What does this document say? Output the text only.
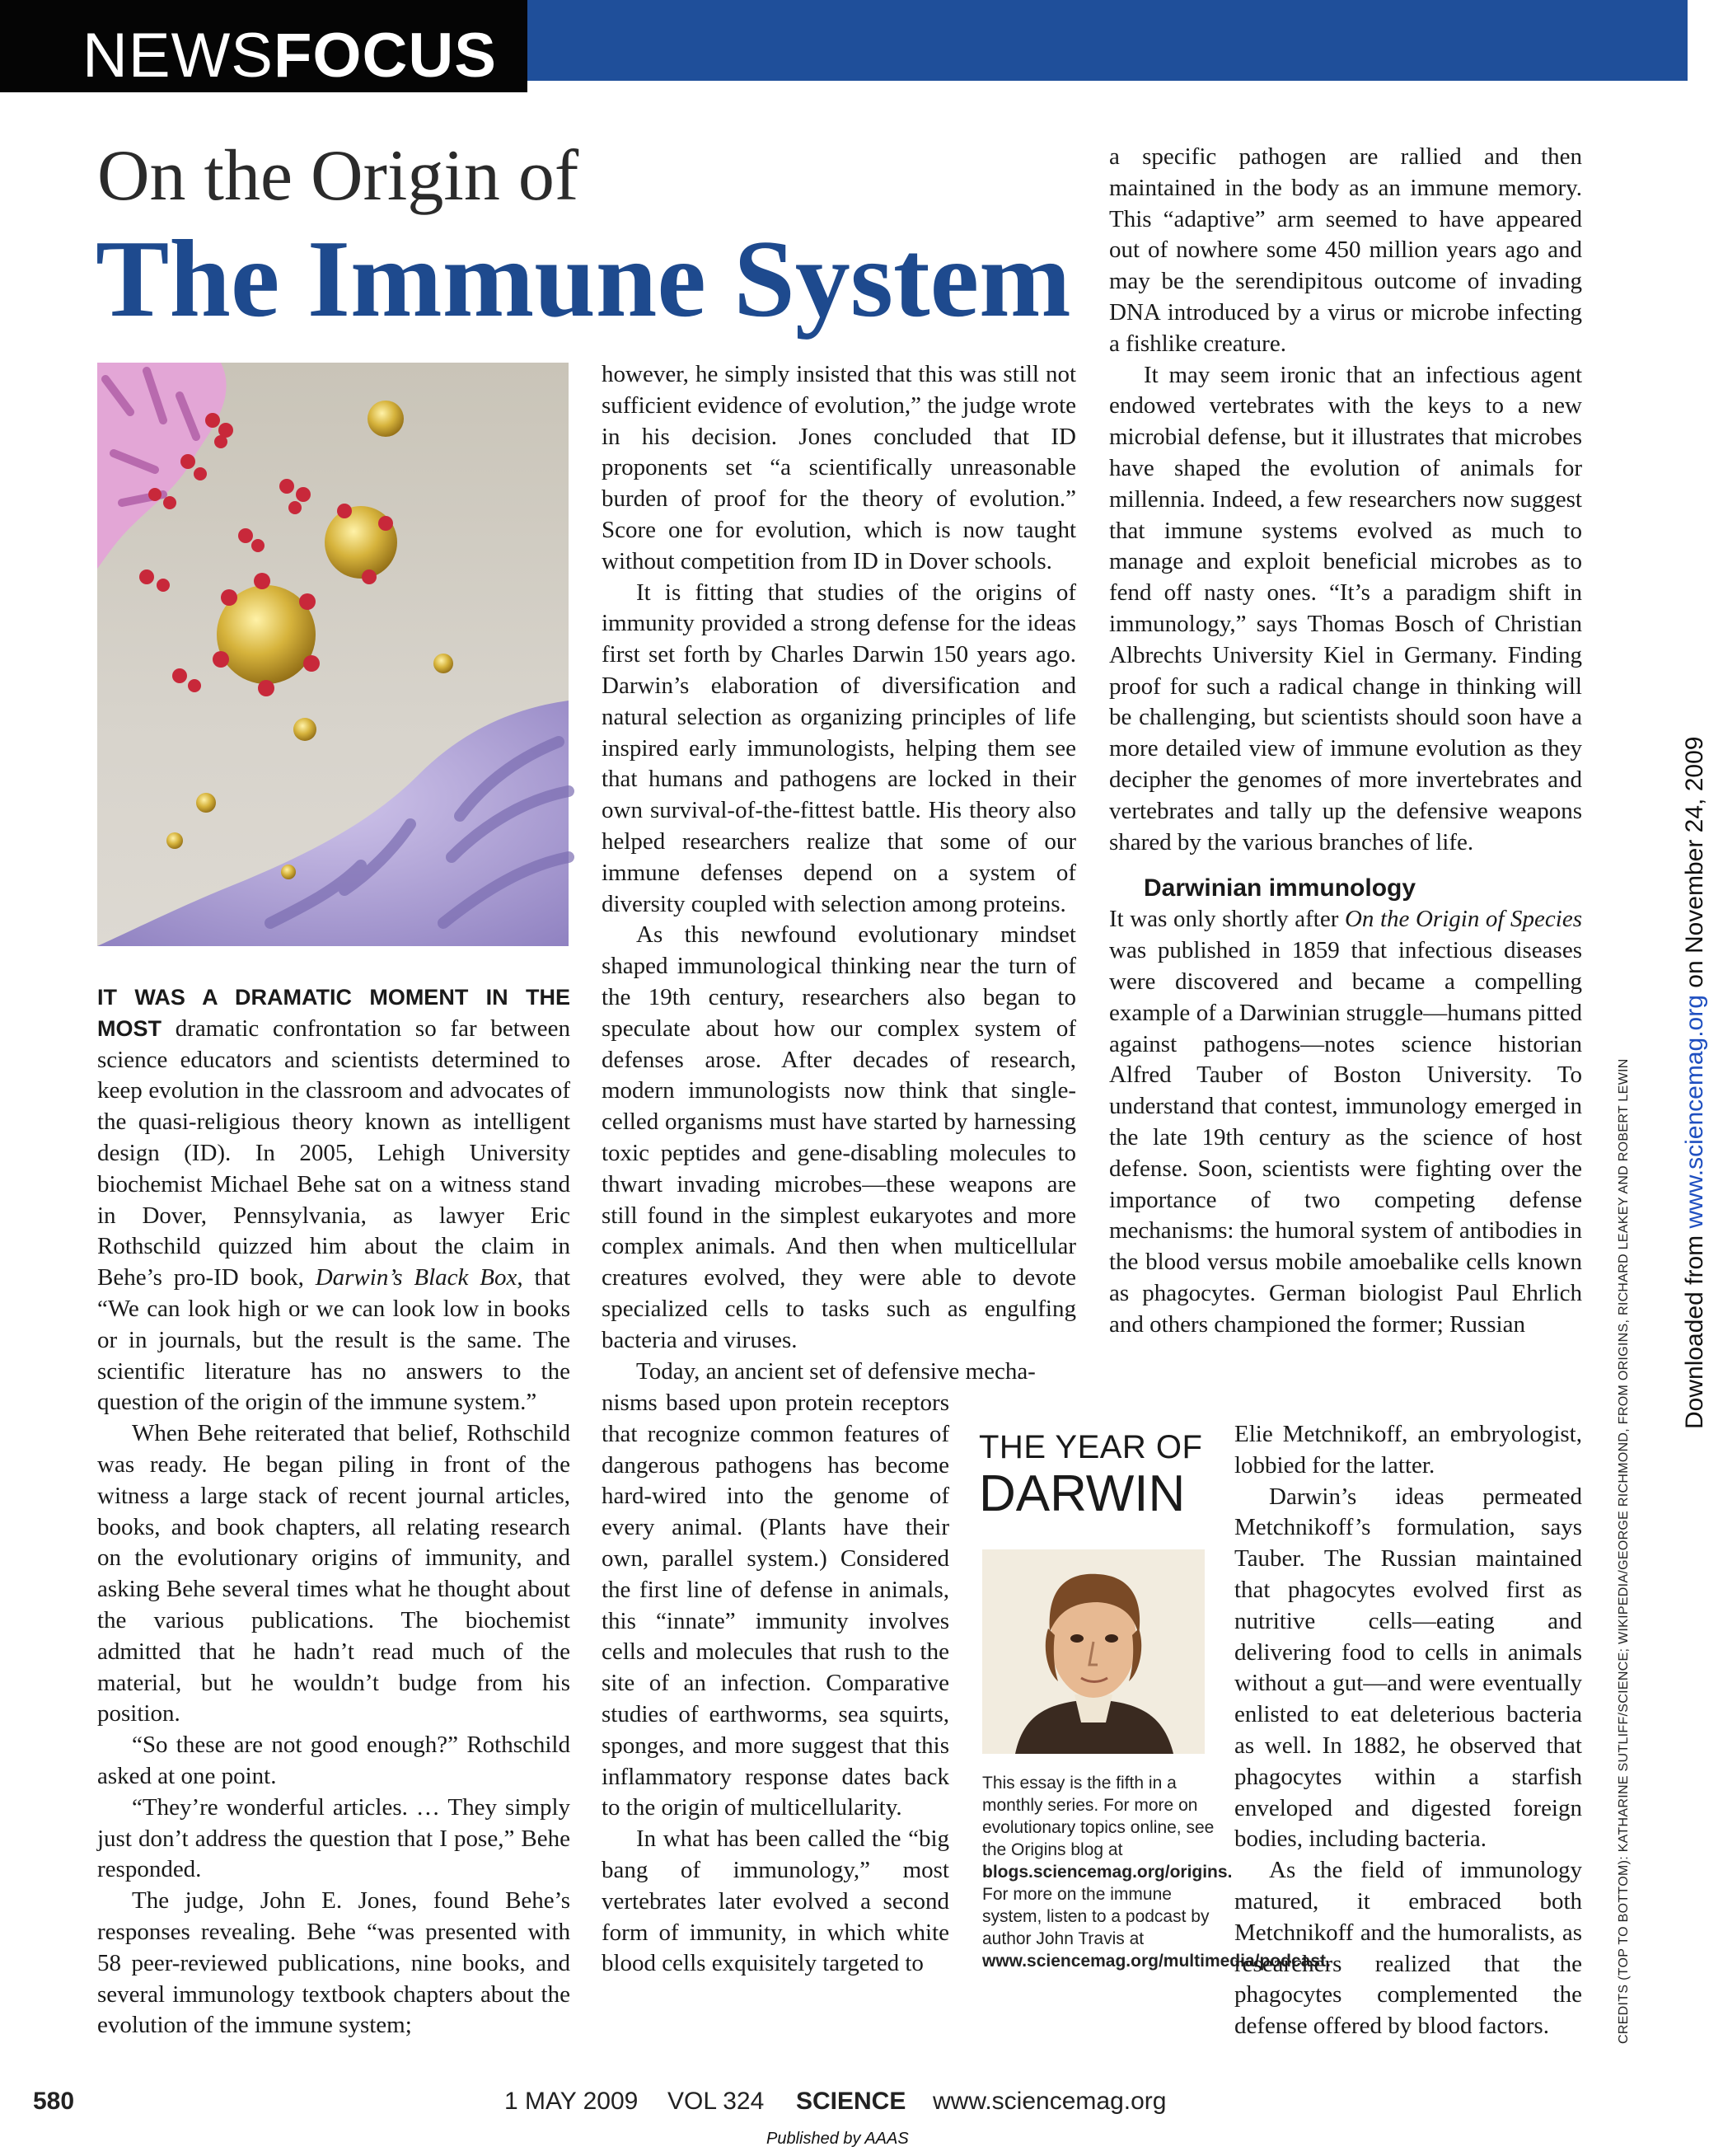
NEWSFOCUS
On the Origin of
The Immune System

IT WAS A DRAMATIC MOMENT IN THE MOST dramatic confrontation so far between science educators and scientists determined to keep evolution in the classroom and advocates of the quasi-religious theory known as intelligent design (ID). In 2005, Lehigh University biochemist Michael Behe sat on a witness stand in Dover, Pennsylvania, as lawyer Eric Rothschild quizzed him about the claim in Behe’s pro-ID book, Darwin’s Black Box, that “We can look high or we can look low in books or in journals, but the result is the same. The scientific literature has no answers to the question of the origin of the immune system.”

When Behe reiterated that belief, Rothschild was ready. He began piling in front of the witness a large stack of recent journal articles, books, and book chapters, all relating research on the evolutionary origins of immunity, and asking Behe several times what he thought about the various publications. The biochemist admitted that he hadn’t read much of the material, but he wouldn’t budge from his position.

“So these are not good enough?” Rothschild asked at one point.

“They’re wonderful articles. … They simply just don’t address the question that I pose,” Behe responded.

The judge, John E. Jones, found Behe’s responses revealing. Behe “was presented with 58 peer-reviewed publications, nine books, and several immunology textbook chapters about the evolution of the immune system;

however, he simply insisted that this was still not sufficient evidence of evolution,” the judge wrote in his decision. Jones concluded that ID proponents set “a scientifically unreasonable burden of proof for the theory of evolution.” Score one for evolution, which is now taught without competition from ID in Dover schools.

It is fitting that studies of the origins of immunity provided a strong defense for the ideas first set forth by Charles Darwin 150 years ago. Darwin’s elaboration of diversification and natural selection as organizing principles of life inspired early immunologists, helping them see that humans and pathogens are locked in their own survival-of-the-fittest battle. His theory also helped researchers realize that some of our immune defenses depend on a system of diversity coupled with selection among proteins.

As this newfound evolutionary mindset shaped immunological thinking near the turn of the 19th century, researchers also began to speculate about how our complex system of defenses arose. After decades of research, modern immunologists now think that single-celled organisms must have started by harnessing toxic peptides and gene-disabling molecules to thwart invading microbes—these weapons are still found in the simplest eukaryotes and more complex animals. And then when multicellular creatures evolved, they were able to devote specialized cells to tasks such as engulfing bacteria and viruses.

Today, an ancient set of defensive mecha-

nisms based upon protein receptors that recognize common features of dangerous pathogens has become hard-wired into the genome of every animal. (Plants have their own, parallel system.) Considered the first line of defense in animals, this “innate” immunity involves cells and molecules that rush to the site of an infection. Comparative studies of earthworms, sea squirts, sponges, and more suggest that this inflammatory response dates back to the origin of multicellularity.

In what has been called the “big bang of immunology,” most vertebrates later evolved a second form of immunity, in which white blood cells exquisitely targeted to

THE YEAR OF
DARWIN
This essay is the fifth in a monthly series. For more on evolutionary topics online, see the Origins blog at blogs.sciencemag.org/origins. For more on the immune system, listen to a podcast by author John Travis at www.sciencemag.org/multimedia/podcast.

a specific pathogen are rallied and then maintained in the body as an immune memory. This “adaptive” arm seemed to have appeared out of nowhere some 450 million years ago and may be the serendipitous outcome of invading DNA introduced by a virus or microbe infecting a fishlike creature.

It may seem ironic that an infectious agent endowed vertebrates with the keys to a new microbial defense, but it illustrates that microbes have shaped the evolution of animals for millennia. Indeed, a few researchers now suggest that immune systems evolved as much to manage and exploit beneficial microbes as to fend off nasty ones. “It’s a paradigm shift in immunology,” says Thomas Bosch of Christian Albrechts University Kiel in Germany. Finding proof for such a radical change in thinking will be challenging, but scientists should soon have a more detailed view of immune evolution as they decipher the genomes of more invertebrates and vertebrates and tally up the defensive weapons shared by the various branches of life.

Darwinian immunology

It was only shortly after On the Origin of Species was published in 1859 that infectious diseases were discovered and became a compelling example of a Darwinian struggle—humans pitted against pathogens—notes science historian Alfred Tauber of Boston University. To understand that contest, immunology emerged in the late 19th century as the science of host defense. Soon, scientists were fighting over the importance of two competing defense mechanisms: the humoral system of antibodies in the blood versus mobile amoebalike cells known as phagocytes. German biologist Paul Ehrlich and others championed the former; Russian

Elie Metchnikoff, an embryologist, lobbied for the latter.

Darwin’s ideas permeated Metchnikoff’s formulation, says Tauber. The Russian maintained that phagocytes evolved first as nutritive cells—eating and delivering food to cells in animals without a gut—and were eventually enlisted to eat deleterious bacteria as well. In 1882, he observed that phagocytes within a starfish enveloped and digested foreign bodies, including bacteria.

As the field of immunology matured, it embraced both Metchnikoff and the humoralists, as researchers realized that the phagocytes complemented the defense offered by blood factors.	CREDITS (TOP TO BOTTOM): KATHARINE SUTLIFF/SCIENCE; WIKIPEDIA/GEORGE RICHMOND, FROM ORIGINS, RICHARD LEAKEY AND ROBERT LEWIN Downloaded from www.sciencemag.org on November 24, 2009
580	1 MAY 2009 VOL 324 SCIENCE www.sciencemag.org
Published by AAAS
